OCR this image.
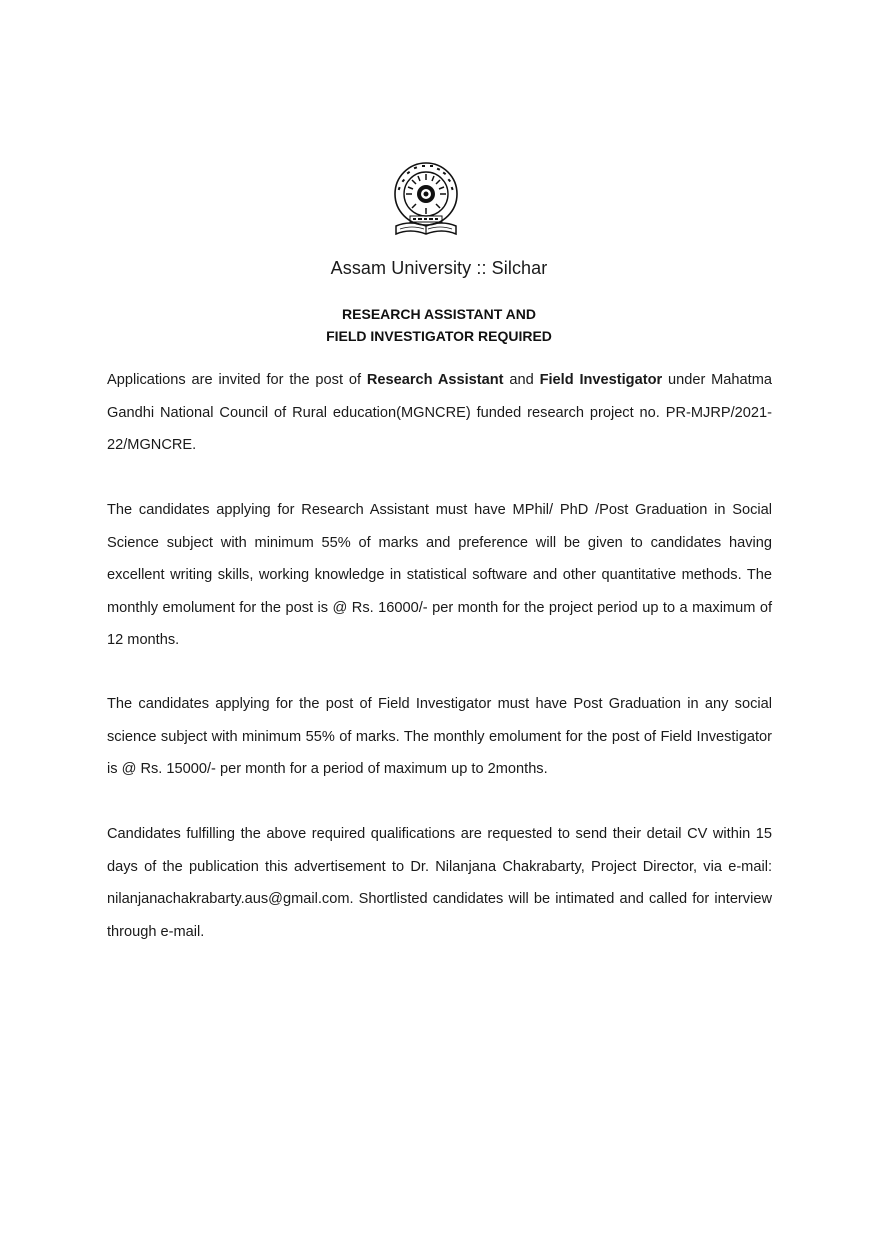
Assam University :: Silchar
RESEARCH ASSISTANT AND
FIELD INVESTIGATOR REQUIRED

Applications are invited for the post of Research Assistant and Field Investigator under Mahatma Gandhi National Council of Rural education(MGNCRE) funded research project no. PR-MJRP/2021-22/MGNCRE.

The candidates applying for Research Assistant must have MPhil/ PhD /Post Graduation in Social Science subject with minimum 55% of marks and preference will be given to candidates having excellent writing skills, working knowledge in statistical software and other quantitative methods. The monthly emolument for the post is @ Rs. 16000/- per month for the project period up to a maximum of 12 months.

The candidates applying for the post of Field Investigator must have Post Graduation in any social science subject with minimum 55% of marks. The monthly emolument for the post of Field Investigator is @ Rs. 15000/- per month for a period of maximum up to 2months.

Candidates fulfilling the above required qualifications are requested to send their detail CV within 15 days of the publication this advertisement to Dr. Nilanjana Chakrabarty, Project Director, via e-mail: nilanjanachakrabarty.aus@gmail.com. Shortlisted candidates will be intimated and called for interview through e-mail.
